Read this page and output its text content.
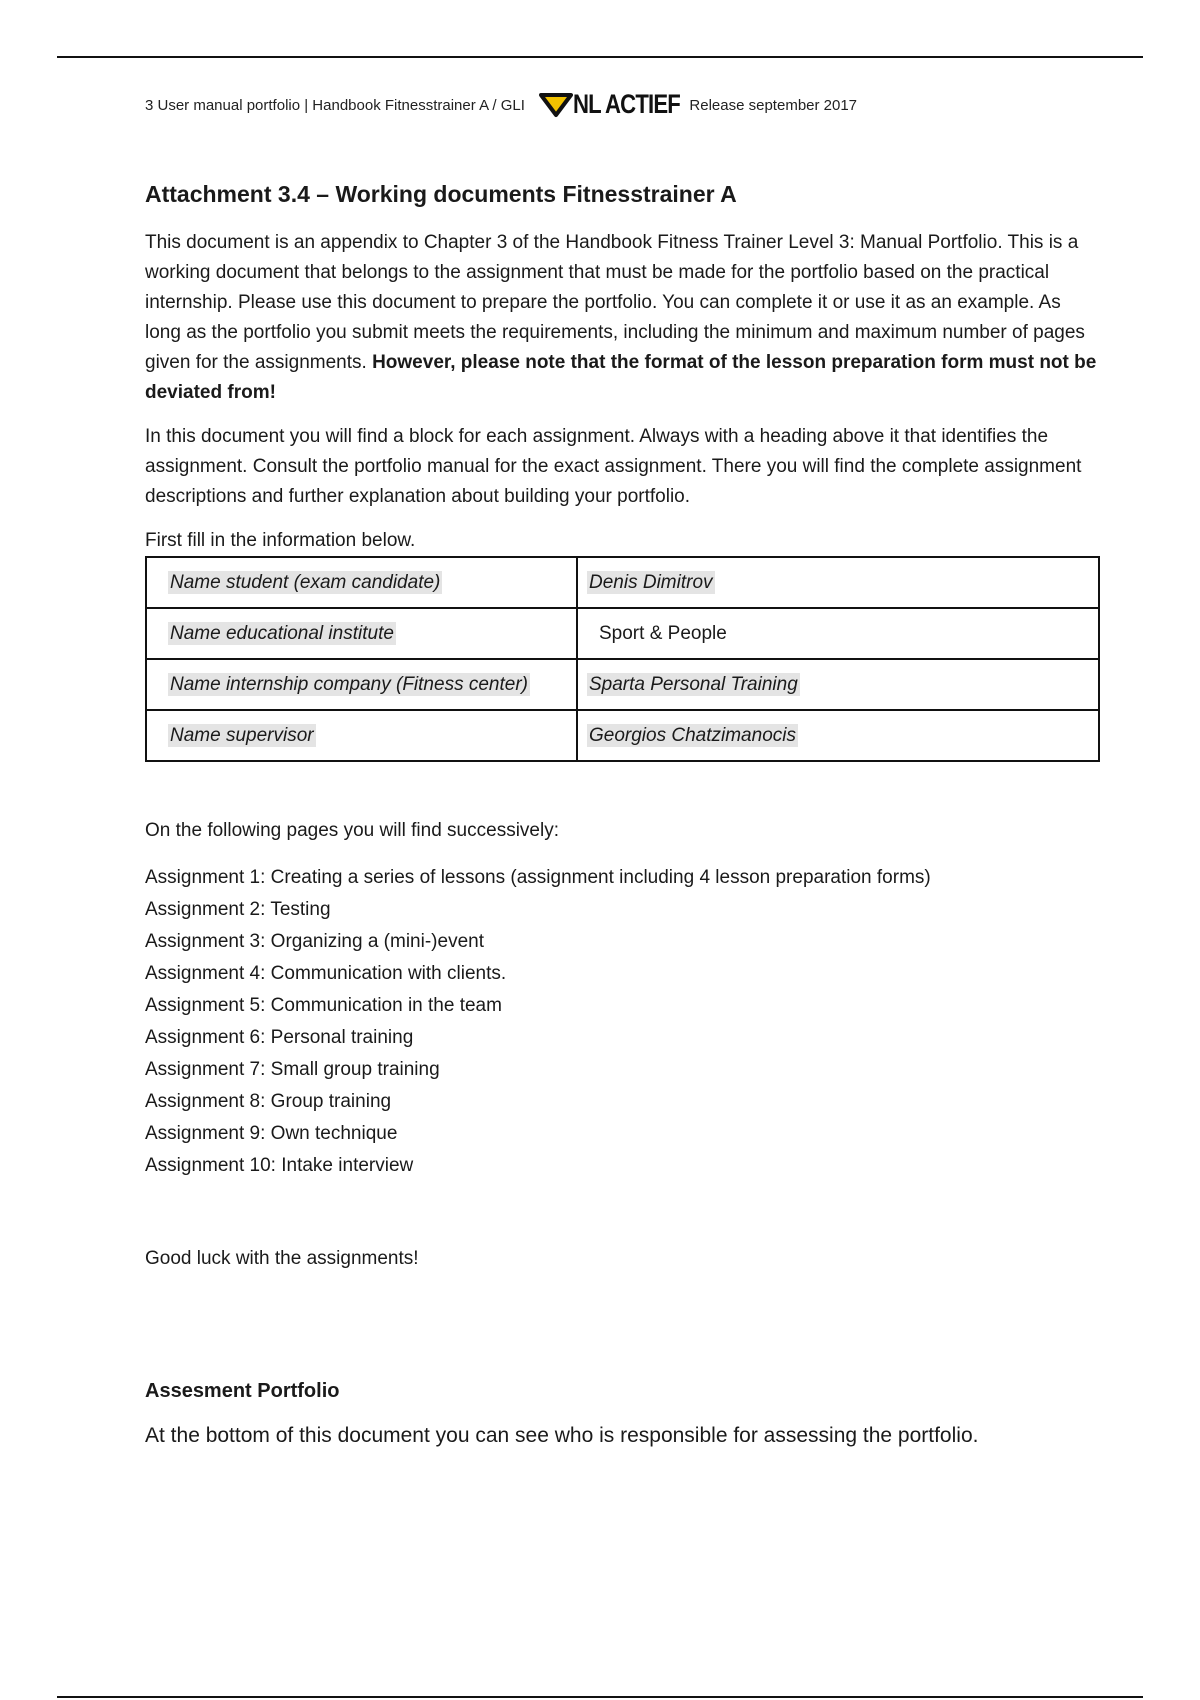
3 User manual portfolio | Handbook Fitnesstrainer A / GLI NL ACTIEF Release september 2017
Attachment 3.4 – Working documents Fitnesstrainer A

This document is an appendix to Chapter 3 of the Handbook Fitness Trainer Level 3: Manual Portfolio. This is a working document that belongs to the assignment that must be made for the portfolio based on the practical internship. Please use this document to prepare the portfolio. You can complete it or use it as an example. As long as the portfolio you submit meets the requirements, including the minimum and maximum number of pages given for the assignments. However, please note that the format of the lesson preparation form must not be deviated from!

In this document you will find a block for each assignment. Always with a heading above it that identifies the assignment. Consult the portfolio manual for the exact assignment. There you will find the complete assignment descriptions and further explanation about building your portfolio.

First fill in the information below.

Name student (exam candidate)	Denis Dimitrov
Name educational institute	Sport & People
Name internship company (Fitness center)	Sparta Personal Training
Name supervisor	Georgios Chatzimanocis

On the following pages you will find successively:

Assignment 1: Creating a series of lessons (assignment including 4 lesson preparation forms)
Assignment 2: Testing
Assignment 3: Organizing a (mini-)event
Assignment 4: Communication with clients.
Assignment 5: Communication in the team
Assignment 6: Personal training
Assignment 7: Small group training
Assignment 8: Group training
Assignment 9: Own technique
Assignment 10: Intake interview

Good luck with the assignments!

Assesment Portfolio

At the bottom of this document you can see who is responsible for assessing the portfolio.
